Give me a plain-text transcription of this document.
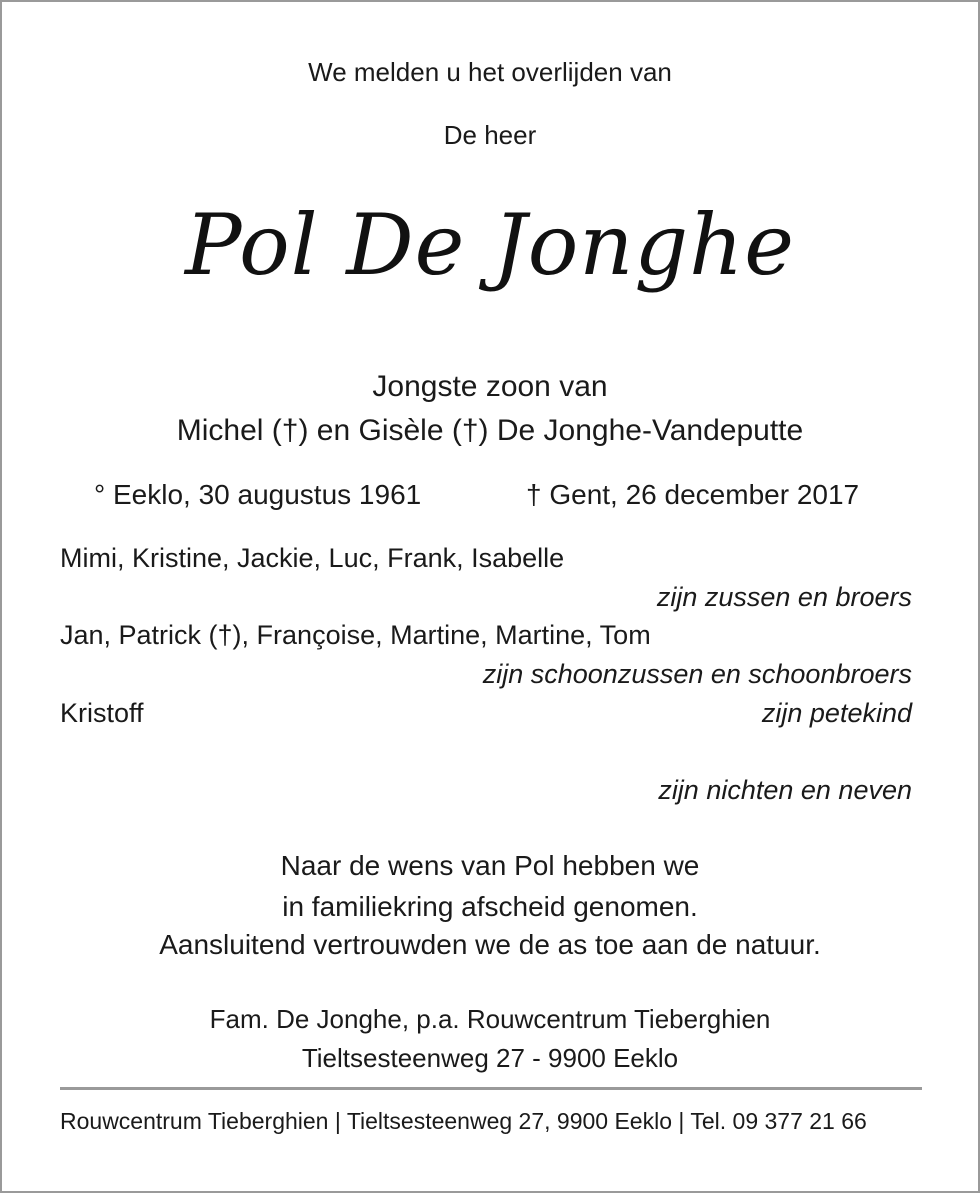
We melden u het overlijden van
De heer
Pol De Jonghe
Jongste zoon van
Michel (†) en Gisèle (†) De Jonghe-Vandeputte
° Eeklo, 30 augustus 1961	† Gent, 26 december 2017
Mimi, Kristine, Jackie, Luc, Frank, Isabelle
zijn zussen en broers
Jan, Patrick (†), Françoise, Martine, Martine, Tom
zijn schoonzussen en schoonbroers
Kristoff	zijn petekind
zijn nichten en neven
Naar de wens van Pol hebben we
in familiekring afscheid genomen.
Aansluitend vertrouwden we de as toe aan de natuur.
Fam. De Jonghe, p.a. Rouwcentrum Tieberghien
Tieltsesteenweg 27 - 9900 Eeklo
Rouwcentrum Tieberghien | Tieltsesteenweg 27, 9900 Eeklo | Tel. 09 377 21 66
